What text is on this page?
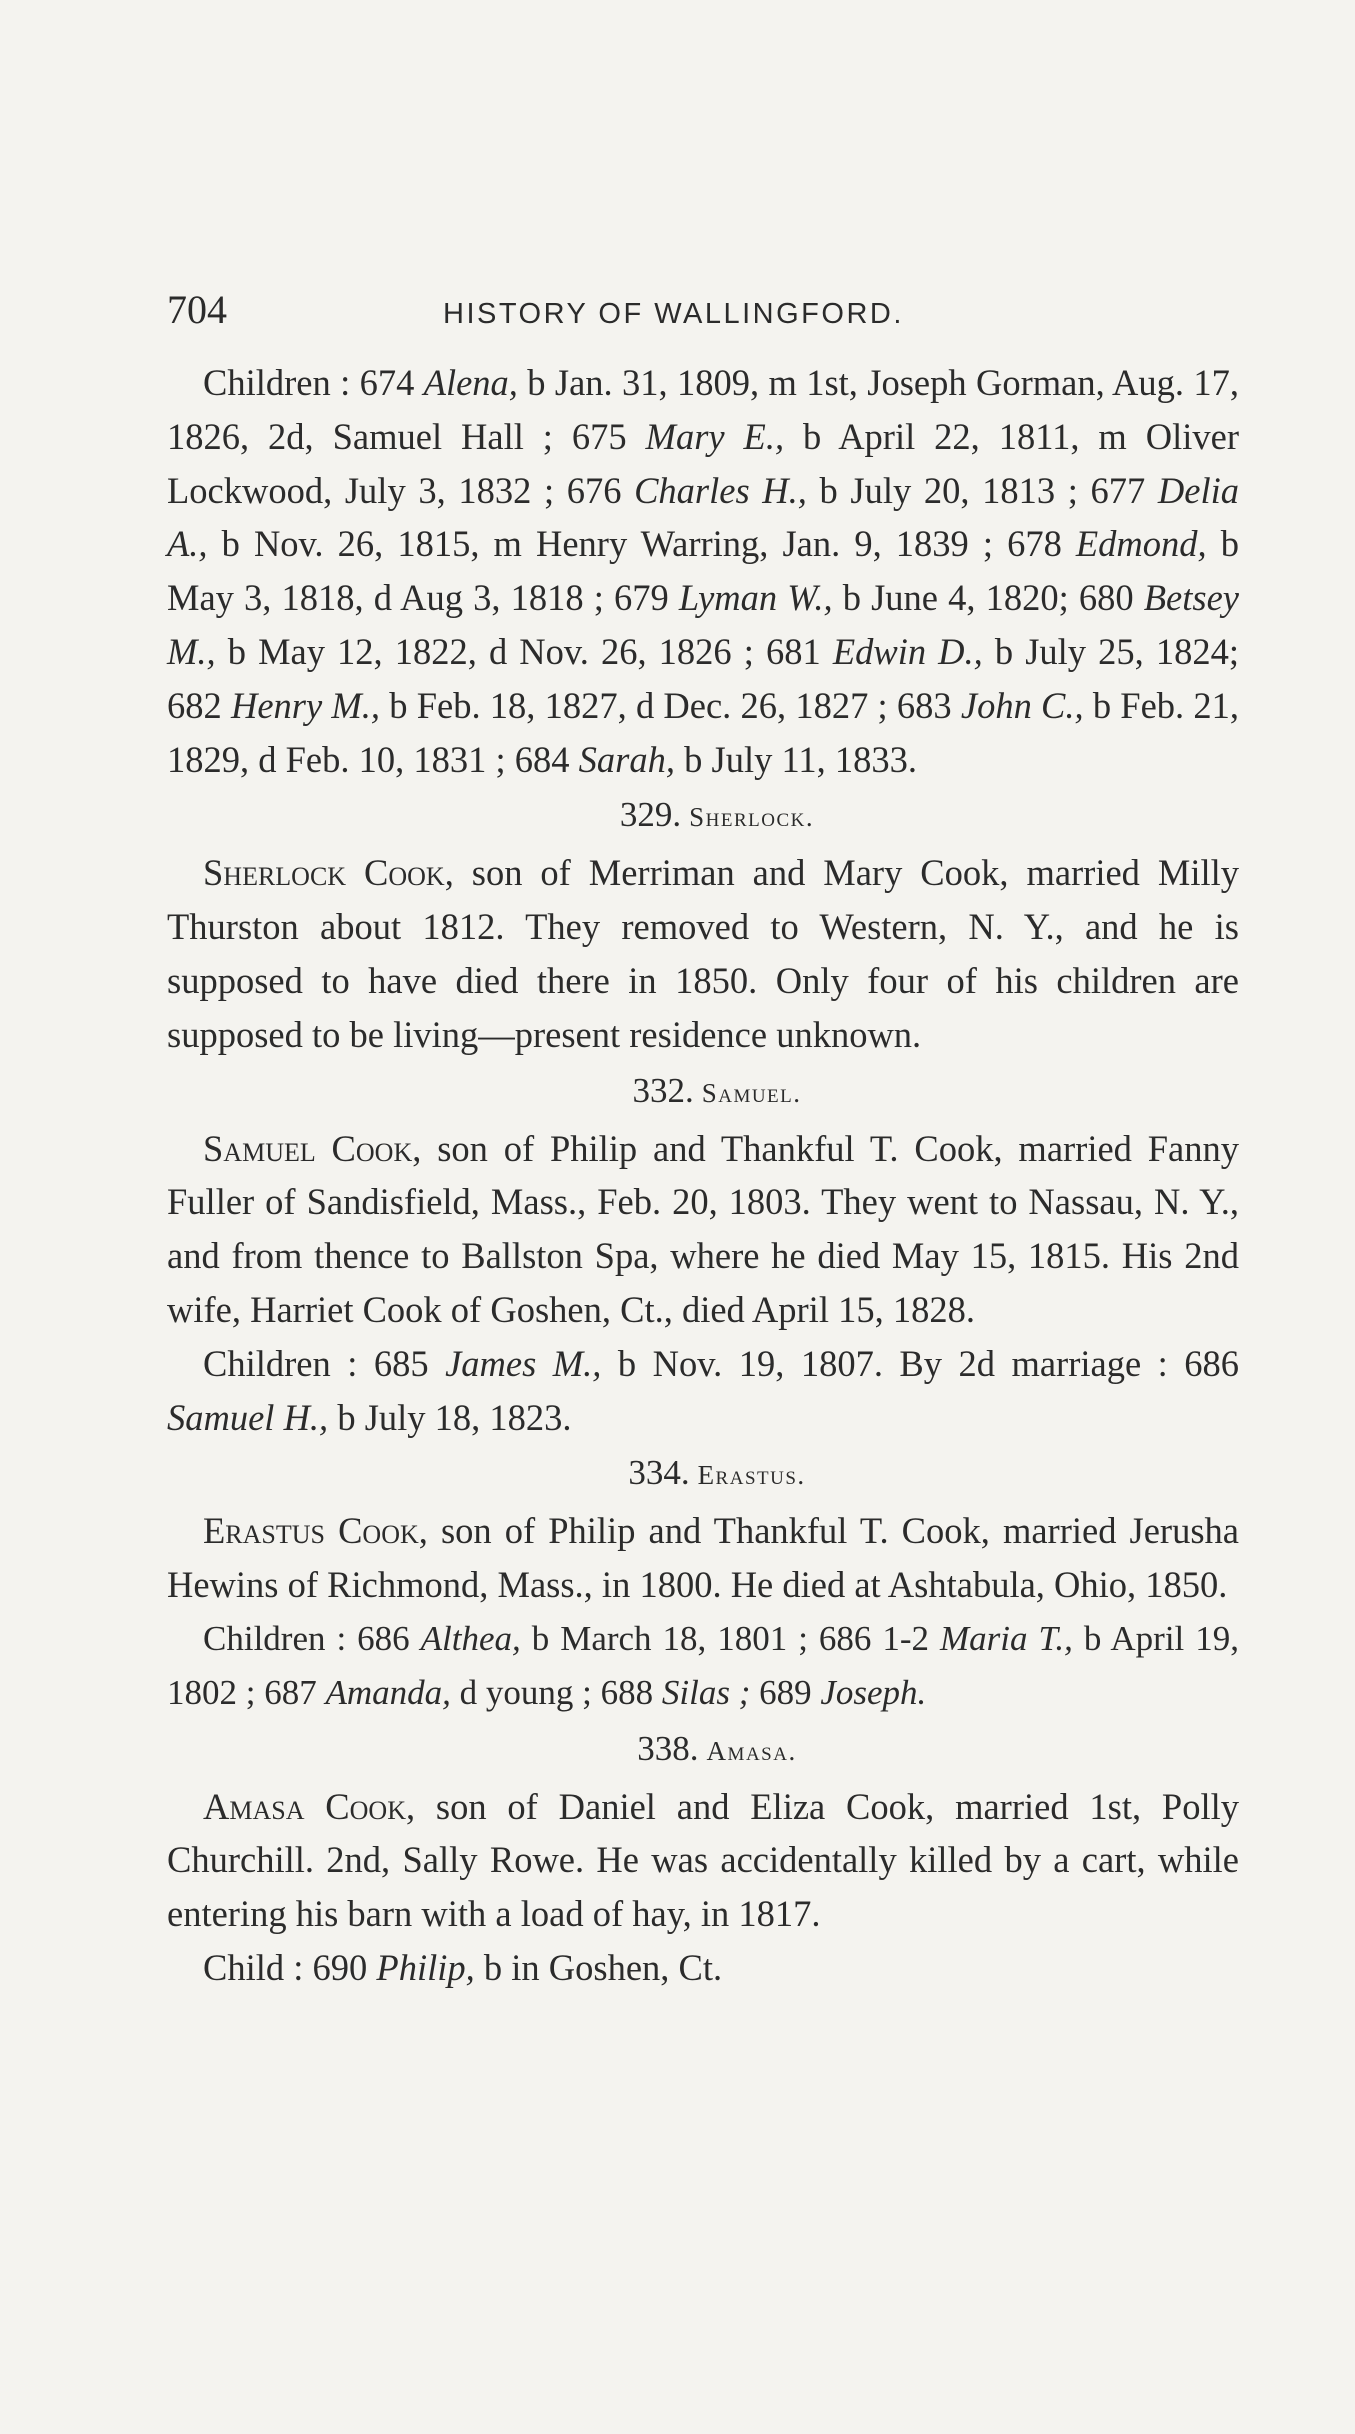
704	HISTORY OF WALLINGFORD.

Children : 674 Alena, b Jan. 31, 1809, m 1st, Joseph Gorman, Aug. 17, 1826, 2d, Samuel Hall ; 675 Mary E., b April 22, 1811, m Oliver Lockwood, July 3, 1832 ; 676 Charles H., b July 20, 1813 ; 677 Delia A., b Nov. 26, 1815, m Henry Warring, Jan. 9, 1839 ; 678 Edmond, b May 3, 1818, d Aug 3, 1818 ; 679 Lyman W., b June 4, 1820; 680 Betsey M., b May 12, 1822, d Nov. 26, 1826 ; 681 Edwin D., b July 25, 1824; 682 Henry M., b Feb. 18, 1827, d Dec. 26, 1827 ; 683 John C., b Feb. 21, 1829, d Feb. 10, 1831 ; 684 Sarah, b July 11, 1833.

329. Sherlock.

Sherlock Cook, son of Merriman and Mary Cook, married Milly Thurston about 1812. They removed to Western, N. Y., and he is supposed to have died there in 1850. Only four of his children are supposed to be living—present residence unknown.

332. Samuel.

Samuel Cook, son of Philip and Thankful T. Cook, married Fanny Fuller of Sandisfield, Mass., Feb. 20, 1803. They went to Nassau, N. Y., and from thence to Ballston Spa, where he died May 15, 1815. His 2nd wife, Harriet Cook of Goshen, Ct., died April 15, 1828.

Children : 685 James M., b Nov. 19, 1807. By 2d marriage : 686 Samuel H., b July 18, 1823.

334. Erastus.

Erastus Cook, son of Philip and Thankful T. Cook, married Jerusha Hewins of Richmond, Mass., in 1800. He died at Ashtabula, Ohio, 1850.

Children : 686 Althea, b March 18, 1801 ; 686 1-2 Maria T., b April 19, 1802 ; 687 Amanda, d young ; 688 Silas ; 689 Joseph.

338. Amasa.

Amasa Cook, son of Daniel and Eliza Cook, married 1st, Polly Churchill. 2nd, Sally Rowe. He was accidentally killed by a cart, while entering his barn with a load of hay, in 1817.

Child : 690 Philip, b in Goshen, Ct.
